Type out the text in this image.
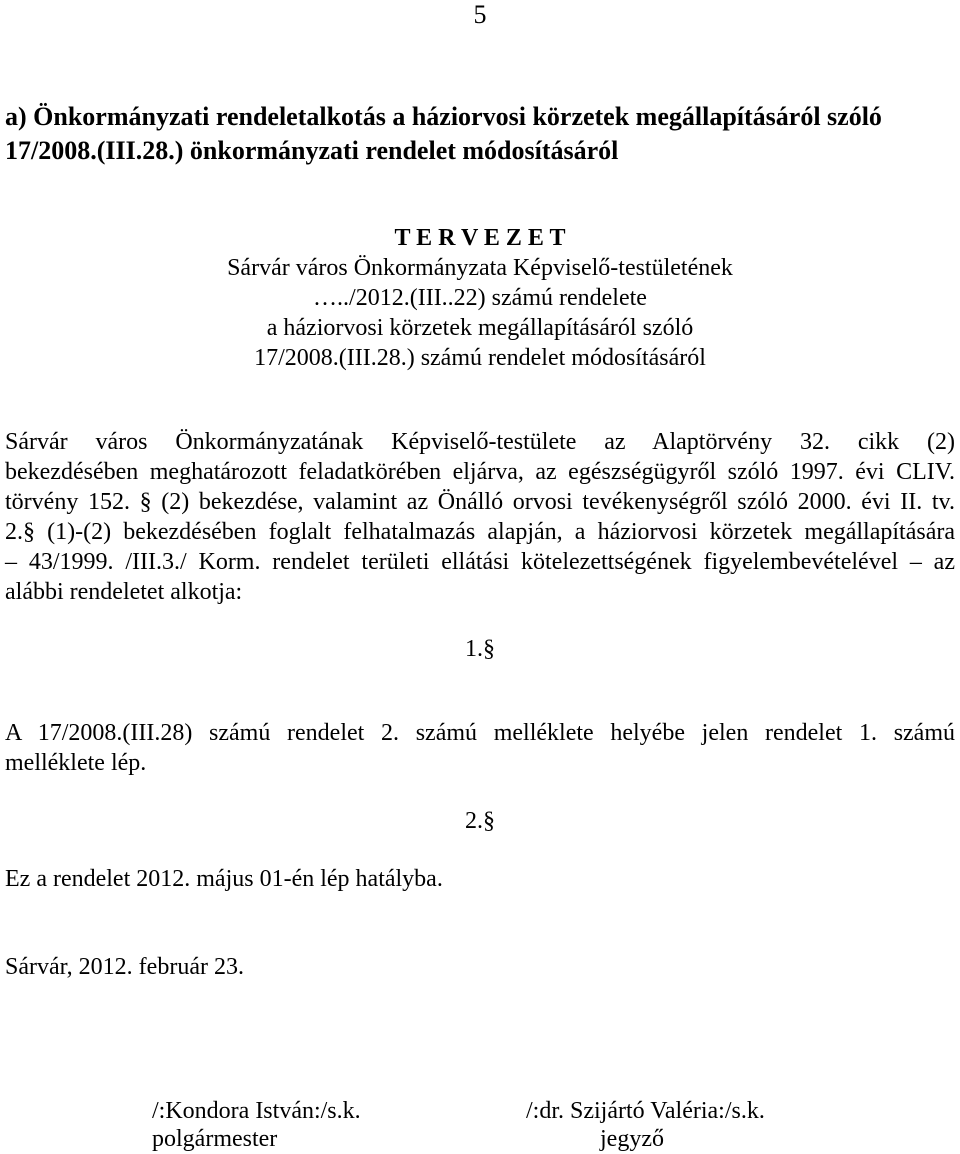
5
a) Önkormányzati rendeletalkotás a háziorvosi körzetek megállapításáról szóló
17/2008.(III.28.) önkormányzati rendelet módosításáról
T E R V E Z E T
Sárvár város Önkormányzata Képviselő-testületének
…../2012.(III..22) számú rendelete
a háziorvosi körzetek megállapításáról szóló
17/2008.(III.28.) számú rendelet módosításáról
Sárvár város Önkormányzatának Képviselő-testülete az Alaptörvény 32. cikk (2)
bekezdésében meghatározott feladatkörében eljárva, az egészségügyről szóló 1997. évi CLIV.
törvény 152. § (2) bekezdése, valamint az Önálló orvosi tevékenységről szóló 2000. évi II. tv.
2.§ (1)-(2) bekezdésében foglalt felhatalmazás alapján, a háziorvosi körzetek megállapítására
– 43/1999. /III.3./ Korm. rendelet területi ellátási kötelezettségének figyelembevételével – az
alábbi rendeletet alkotja:
1.§
A 17/2008.(III.28) számú rendelet 2. számú melléklete helyébe jelen rendelet 1. számú
melléklete lép.
2.§
Ez a rendelet 2012. május 01-én lép hatályba.
Sárvár, 2012. február 23.
/:Kondora István:/s.k.
polgármester
/:dr. Szijártó Valéria:/s.k.
jegyző
